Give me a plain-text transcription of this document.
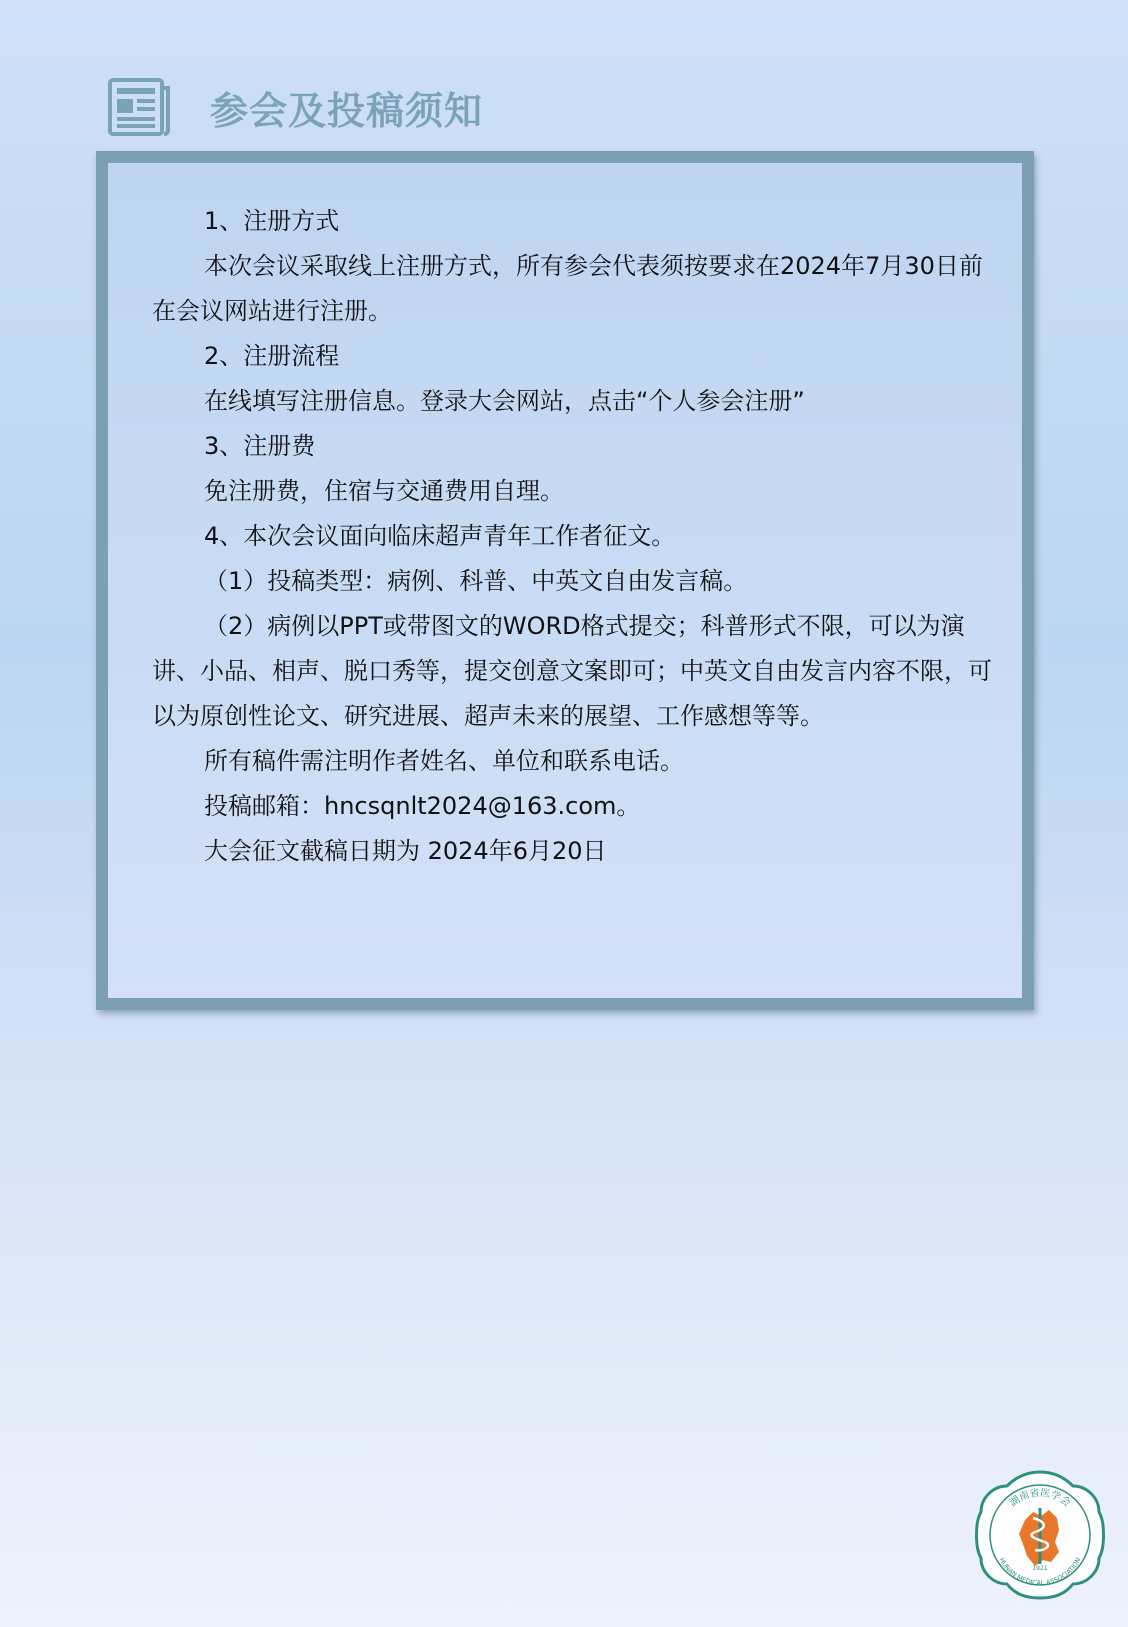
参会及投稿须知

1、注册方式

本次会议采取线上注册方式，所有参会代表须按要求在2024年7月30日前在会议网站进行注册。

2、注册流程

在线填写注册信息。登录大会网站，点击“个人参会注册”

3、注册费

免注册费，住宿与交通费用自理。

4、本次会议面向临床超声青年工作者征文。

（1）投稿类型：病例、科普、中英文自由发言稿。

（2）病例以PPT或带图文的WORD格式提交；科普形式不限，可以为演讲、小品、相声、脱口秀等，提交创意文案即可；中英文自由发言内容不限，可以为原创性论文、研究进展、超声未来的展望、工作感想等等。

所有稿件需注明作者姓名、单位和联系电话。

投稿邮箱：hncsqnlt2024@163.com。

大会征文截稿日期为 2024年6月20日

湖南省医学会
HUNAN MEDICAL ASSOCIATION
1921
